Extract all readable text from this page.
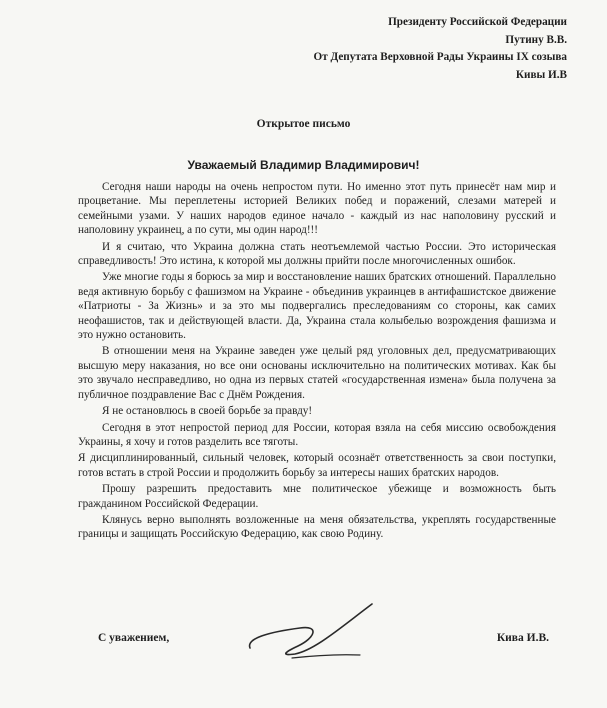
Президенту Российской Федерации
Путину В.В.
От Депутата Верховной Рады Украины IX созыва
Кивы И.В
Открытое письмо
Уважаемый Владимир Владимирович!

Сегодня наши народы на очень непростом пути. Но именно этот путь принесёт нам мир и процветание. Мы переплетены историей Великих побед и поражений, слезами матерей и семейными узами. У наших народов единое начало - каждый из нас наполовину русский и наполовину украинец, а по сути, мы один народ!!!

И я считаю, что Украина должна стать неотъемлемой частью России. Это историческая справедливость! Это истина, к которой мы должны прийти после многочисленных ошибок.

Уже многие годы я борюсь за мир и восстановление наших братских отношений. Параллельно ведя активную борьбу с фашизмом на Украине - объединив украинцев в антифашистское движение «Патриоты - За Жизнь» и за это мы подвергались преследованиям со стороны, как самих неофашистов, так и действующей власти. Да, Украина стала колыбелью возрождения фашизма и это нужно остановить.

В отношении меня на Украине заведен уже целый ряд уголовных дел, предусматривающих высшую меру наказания, но все они основаны исключительно на политических мотивах. Как бы это звучало несправедливо, но одна из первых статей «государственная измена» была получена за публичное поздравление Вас с Днём Рождения.

Я не остановлюсь в своей борьбе за правду!

Сегодня в этот непростой период для России, которая взяла на себя миссию освобождения Украины, я хочу и готов разделить все тяготы.

Я дисциплинированный, сильный человек, который осознаёт ответственность за свои поступки, готов встать в строй России и продолжить борьбу за интересы наших братских народов.

Прошу разрешить предоставить мне политическое убежище и возможность быть гражданином Российской Федерации.

Клянусь верно выполнять возложенные на меня обязательства, укреплять государственные границы и защищать Российскую Федерацию, как свою Родину.

С уважением,	Кива И.В.
